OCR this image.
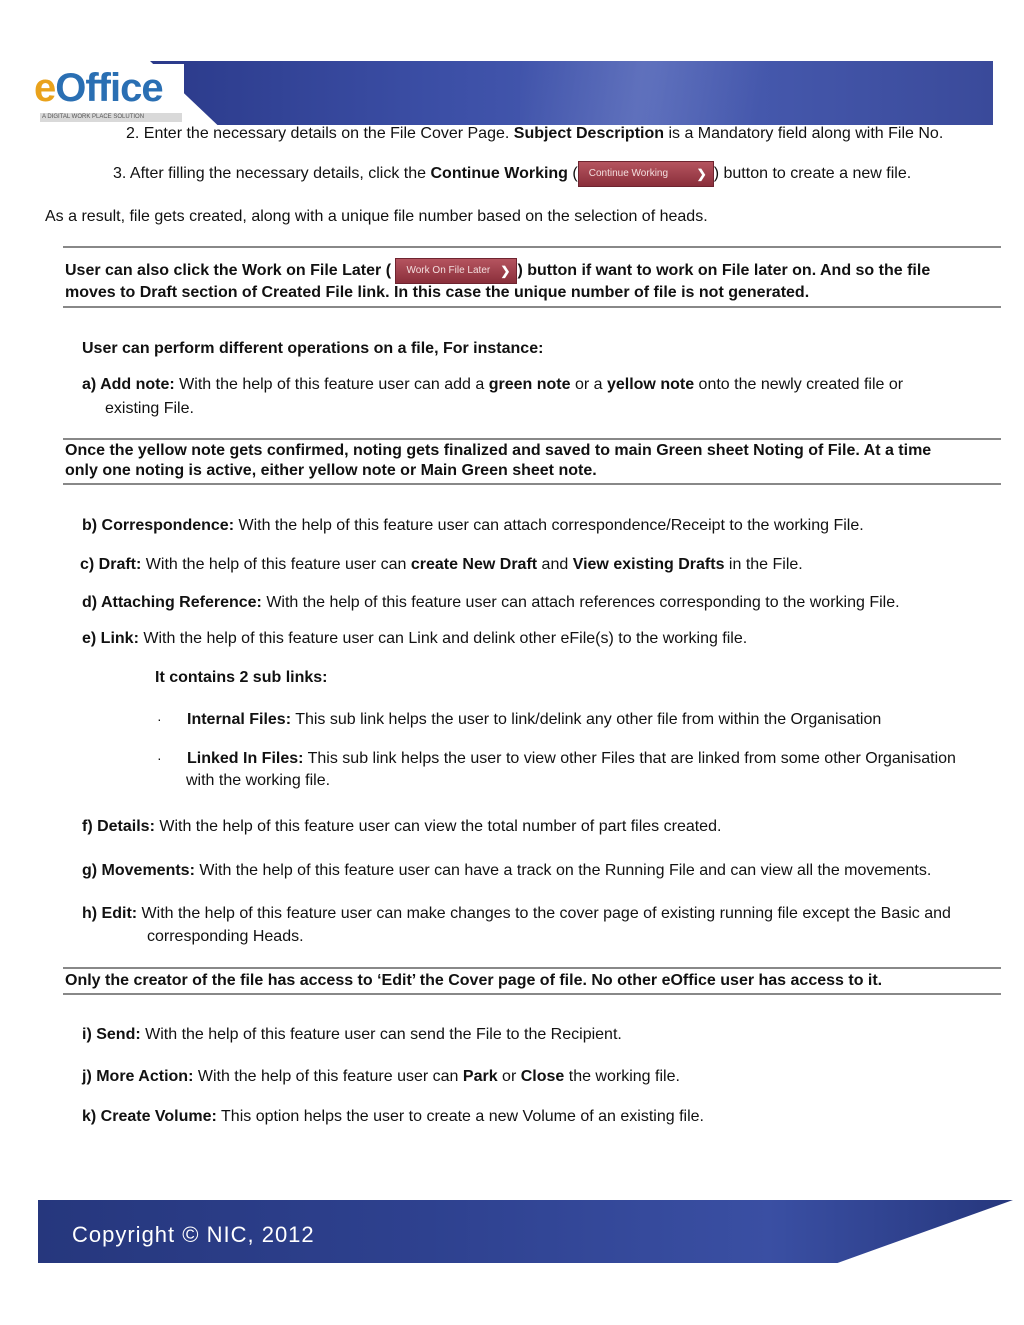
eOffice
A DIGITAL WORK PLACE SOLUTION
2. Enter the necessary details on the File Cover Page. Subject Description is a Mandatory field along with File No.
3. After filling the necessary details, click the Continue Working ( Continue Working ❯ ) button to create a new file.
As a result, file gets created, along with a unique file number based on the selection of heads.
User can also click the Work on File Later ( Work On File Later ❯ ) button if want to work on File later on. And so the file
moves to Draft section of Created File link. In this case the unique number of file is not generated.
User can perform different operations on a file, For instance:
a) Add note: With the help of this feature user can add a green note or a yellow note onto the newly created file or
existing File.
Once the yellow note gets confirmed, noting gets finalized and saved to main Green sheet Noting of File. At a time
only one noting is active, either yellow note or Main Green sheet note.
b) Correspondence: With the help of this feature user can attach correspondence/Receipt to the working File.
c) Draft: With the help of this feature user can create New Draft and View existing Drafts in the File.
d) Attaching Reference: With the help of this feature user can attach references corresponding to the working File.
e) Link: With the help of this feature user can Link and delink other eFile(s) to the working file.
It contains 2 sub links:
· Internal Files: This sub link helps the user to link/delink any other file from within the Organisation
· Linked In Files: This sub link helps the user to view other Files that are linked from some other Organisation
with the working file.
f) Details: With the help of this feature user can view the total number of part files created.
g) Movements: With the help of this feature user can have a track on the Running File and can view all the movements.
h) Edit: With the help of this feature user can make changes to the cover page of existing running file except the Basic and
corresponding Heads.
Only the creator of the file has access to ‘Edit’ the Cover page of file. No other eOffice user has access to it.
i) Send: With the help of this feature user can send the File to the Recipient.
j) More Action: With the help of this feature user can Park or Close the working file.
k) Create Volume: This option helps the user to create a new Volume of an existing file.
Copyright © NIC, 2012
